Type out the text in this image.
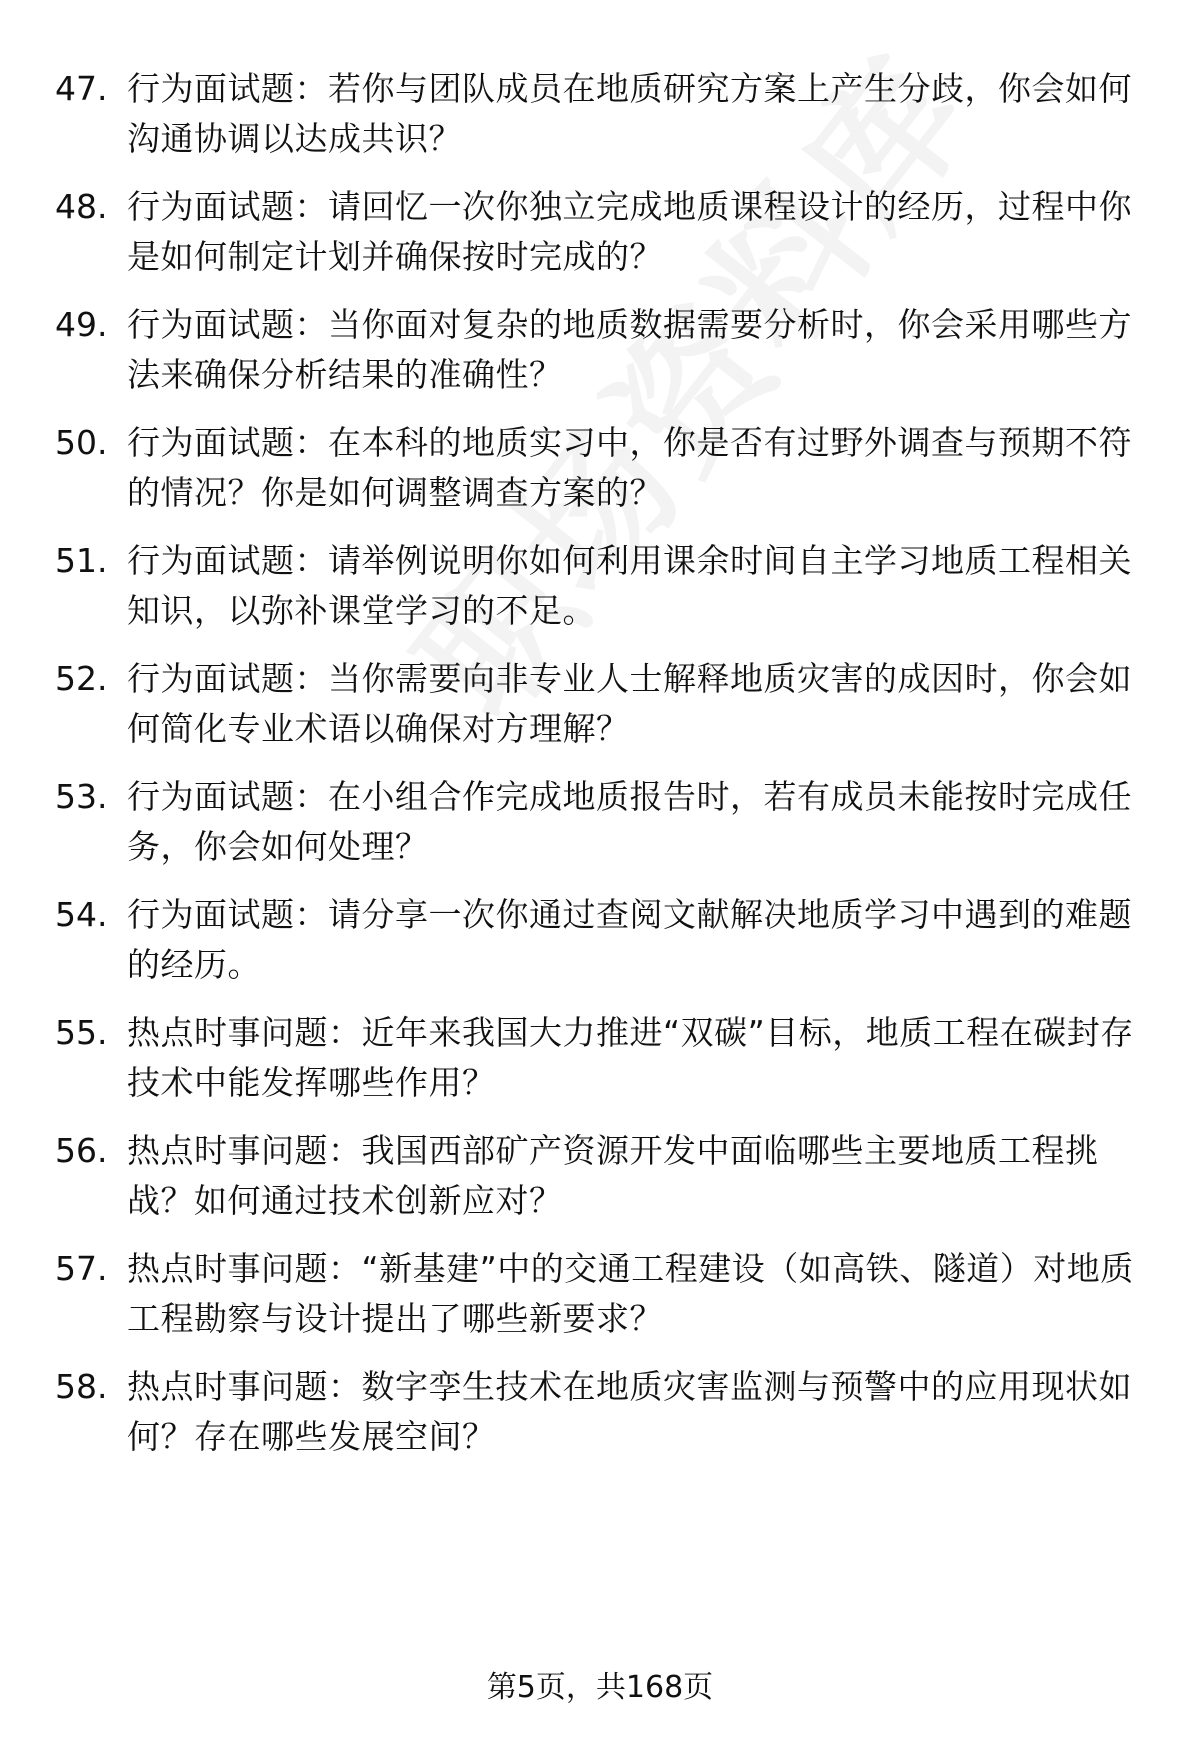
47. 行为面试题：若你与团队成员在地质研究方案上产生分歧，你会如何沟通协调以达成共识？
48. 行为面试题：请回忆一次你独立完成地质课程设计的经历，过程中你是如何制定计划并确保按时完成的？
49. 行为面试题：当你面对复杂的地质数据需要分析时，你会采用哪些方法来确保分析结果的准确性？
50. 行为面试题：在本科的地质实习中，你是否有过野外调查与预期不符的情况？你是如何调整调查方案的？
51. 行为面试题：请举例说明你如何利用课余时间自主学习地质工程相关知识，以弥补课堂学习的不足。
52. 行为面试题：当你需要向非专业人士解释地质灾害的成因时，你会如何简化专业术语以确保对方理解？
53. 行为面试题：在小组合作完成地质报告时，若有成员未能按时完成任务，你会如何处理？
54. 行为面试题：请分享一次你通过查阅文献解决地质学习中遇到的难题的经历。
55. 热点时事问题：近年来我国大力推进“双碳”目标，地质工程在碳封存技术中能发挥哪些作用？
56. 热点时事问题：我国西部矿产资源开发中面临哪些主要地质工程挑战？如何通过技术创新应对？
57. 热点时事问题：“新基建”中的交通工程建设（如高铁、隧道）对地质工程勘察与设计提出了哪些新要求？
58. 热点时事问题：数字孪生技术在地质灾害监测与预警中的应用现状如何？存在哪些发展空间？
第5页，共168页
